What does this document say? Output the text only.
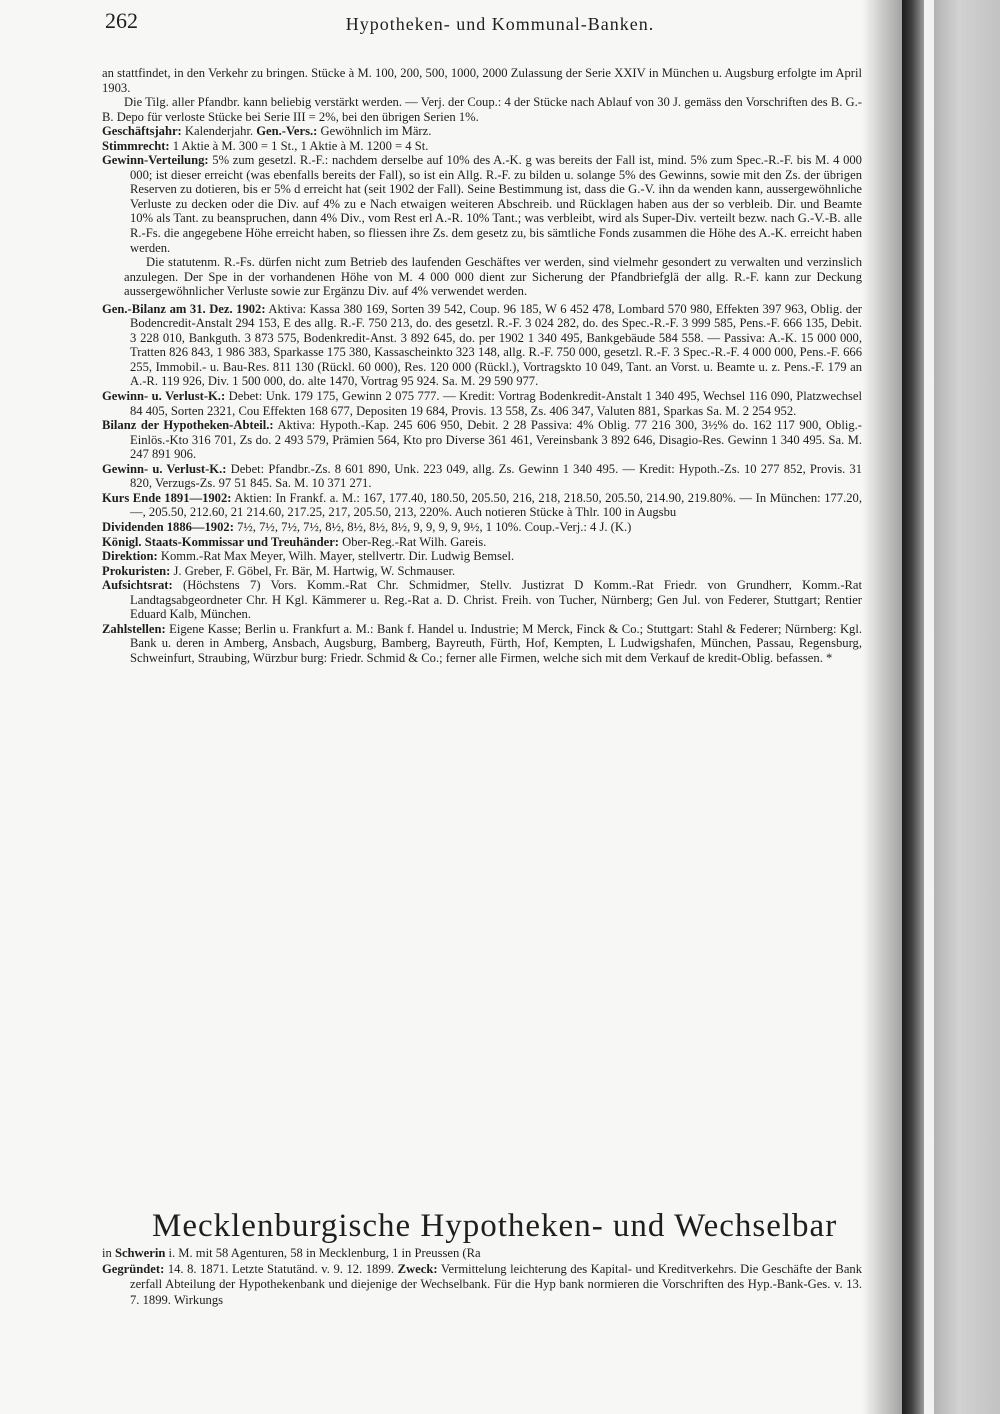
262	Hypotheken- und Kommunal-Banken.

an stattfindet, in den Verkehr zu bringen. Stücke à M. 100, 200, 500, 1000, 2000 Zulassung der Serie XXIV in München u. Augsburg erfolgte im April 1903.

Die Tilg. aller Pfandbr. kann beliebig verstärkt werden. — Verj. der Coup.: 4 der Stücke nach Ablauf von 30 J. gemäss den Vorschriften des B. G.-B. Depo für verloste Stücke bei Serie III = 2%, bei den übrigen Serien 1%.

Geschäftsjahr: Kalenderjahr. Gen.-Vers.: Gewöhnlich im März.

Stimmrecht: 1 Aktie à M. 300 = 1 St., 1 Aktie à M. 1200 = 4 St.

Gewinn-Verteilung: 5% zum gesetzl. R.-F.: nachdem derselbe auf 10% des A.-K. g was bereits der Fall ist, mind. 5% zum Spec.-R.-F. bis M. 4 000 000; ist dieser erreicht (was ebenfalls bereits der Fall), so ist ein Allg. R.-F. zu bilden u. solange 5% des Gewinns, sowie mit den Zs. der übrigen Reserven zu dotieren, bis er 5% d erreicht hat (seit 1902 der Fall). Seine Bestimmung ist, dass die G.-V. ihn da wenden kann, aussergewöhnliche Verluste zu decken oder die Div. auf 4% zu e Nach etwaigen weiteren Abschreib. und Rücklagen haben aus der so verbleib. Dir. und Beamte 10% als Tant. zu beanspruchen, dann 4% Div., vom Rest erl A.-R. 10% Tant.; was verbleibt, wird als Super-Div. verteilt bezw. nach G.-V.-B. alle R.-Fs. die angegebene Höhe erreicht haben, so fliessen ihre Zs. dem gesetz zu, bis sämtliche Fonds zusammen die Höhe des A.-K. erreicht haben werden.

Die statutenm. R.-Fs. dürfen nicht zum Betrieb des laufenden Geschäftes ver werden, sind vielmehr gesondert zu verwalten und verzinslich anzulegen. Der Spe in der vorhandenen Höhe von M. 4 000 000 dient zur Sicherung der Pfandbriefglä der allg. R.-F. kann zur Deckung aussergewöhnlicher Verluste sowie zur Ergänzu Div. auf 4% verwendet werden.

Gen.-Bilanz am 31. Dez. 1902: Aktiva: Kassa 380 169, Sorten 39 542, Coup. 96 185, W 6 452 478, Lombard 570 980, Effekten 397 963, Oblig. der Bodencredit-Anstalt 294 153, E des allg. R.-F. 750 213, do. des gesetzl. R.-F. 3 024 282, do. des Spec.-R.-F. 3 999 585, Pens.-F. 666 135, Debit. 3 228 010, Bankguth. 3 873 575, Bodenkredit-Anst. 3 892 645, do. per 1902 1 340 495, Bankgebäude 584 558. — Passiva: A.-K. 15 000 000, Tratten 826 843, 1 986 383, Sparkasse 175 380, Kassascheinkto 323 148, allg. R.-F. 750 000, gesetzl. R.-F. 3 Spec.-R.-F. 4 000 000, Pens.-F. 666 255, Immobil.- u. Bau-Res. 811 130 (Rückl. 60 000), Res. 120 000 (Rückl.), Vortragskto 10 049, Tant. an Vorst. u. Beamte u. z. Pens.-F. 179 an A.-R. 119 926, Div. 1 500 000, do. alte 1470, Vortrag 95 924. Sa. M. 29 590 977.

Gewinn- u. Verlust-K.: Debet: Unk. 179 175, Gewinn 2 075 777. — Kredit: Vortrag Bodenkredit-Anstalt 1 340 495, Wechsel 116 090, Platzwechsel 84 405, Sorten 2321, Cou Effekten 168 677, Depositen 19 684, Provis. 13 558, Zs. 406 347, Valuten 881, Sparkas Sa. M. 2 254 952.

Bilanz der Hypotheken-Abteil.: Aktiva: Hypoth.-Kap. 245 606 950, Debit. 2 28 Passiva: 4% Oblig. 77 216 300, 3½% do. 162 117 900, Oblig.-Einlös.-Kto 316 701, Zs do. 2 493 579, Prämien 564, Kto pro Diverse 361 461, Vereinsbank 3 892 646, Disagio-Res. Gewinn 1 340 495. Sa. M. 247 891 906.

Gewinn- u. Verlust-K.: Debet: Pfandbr.-Zs. 8 601 890, Unk. 223 049, allg. Zs. Gewinn 1 340 495. — Kredit: Hypoth.-Zs. 10 277 852, Provis. 31 820, Verzugs-Zs. 97 51 845. Sa. M. 10 371 271.

Kurs Ende 1891—1902: Aktien: In Frankf. a. M.: 167, 177.40, 180.50, 205.50, 216, 218, 218.50, 205.50, 214.90, 219.80%. — In München: 177.20, —, 205.50, 212.60, 21 214.60, 217.25, 217, 205.50, 213, 220%. Auch notieren Stücke à Thlr. 100 in Augsbu

Dividenden 1886—1902: 7½, 7½, 7½, 7½, 8½, 8½, 8½, 8½, 9, 9, 9, 9, 9½, 1 10%. Coup.-Verj.: 4 J. (K.)

Königl. Staats-Kommissar und Treuhänder: Ober-Reg.-Rat Wilh. Gareis.

Direktion: Komm.-Rat Max Meyer, Wilh. Mayer, stellvertr. Dir. Ludwig Bemsel.

Prokuristen: J. Greber, F. Göbel, Fr. Bär, M. Hartwig, W. Schmauser.

Aufsichtsrat: (Höchstens 7) Vors. Komm.-Rat Chr. Schmidmer, Stellv. Justizrat D Komm.-Rat Friedr. von Grundherr, Komm.-Rat Landtagsabgeordneter Chr. H Kgl. Kämmerer u. Reg.-Rat a. D. Christ. Freih. von Tucher, Nürnberg; Gen Jul. von Federer, Stuttgart; Rentier Eduard Kalb, München.

Zahlstellen: Eigene Kasse; Berlin u. Frankfurt a. M.: Bank f. Handel u. Industrie; M Merck, Finck & Co.; Stuttgart: Stahl & Federer; Nürnberg: Kgl. Bank u. deren in Amberg, Ansbach, Augsburg, Bamberg, Bayreuth, Fürth, Hof, Kempten, L Ludwigshafen, München, Passau, Regensburg, Schweinfurt, Straubing, Würzbur burg: Friedr. Schmid & Co.; ferner alle Firmen, welche sich mit dem Verkauf de kredit-Oblig. befassen. *

Mecklenburgische Hypotheken- und Wechselbar

in Schwerin i. M. mit 58 Agenturen, 58 in Mecklenburg, 1 in Preussen (Ra

Gegründet: 14. 8. 1871. Letzte Statutänd. v. 9. 12. 1899. Zweck: Vermittelung leichterung des Kapital- und Kreditverkehrs. Die Geschäfte der Bank zerfall Abteilung der Hypothekenbank und diejenige der Wechselbank. Für die Hyp bank normieren die Vorschriften des Hyp.-Bank-Ges. v. 13. 7. 1899. Wirkungs
